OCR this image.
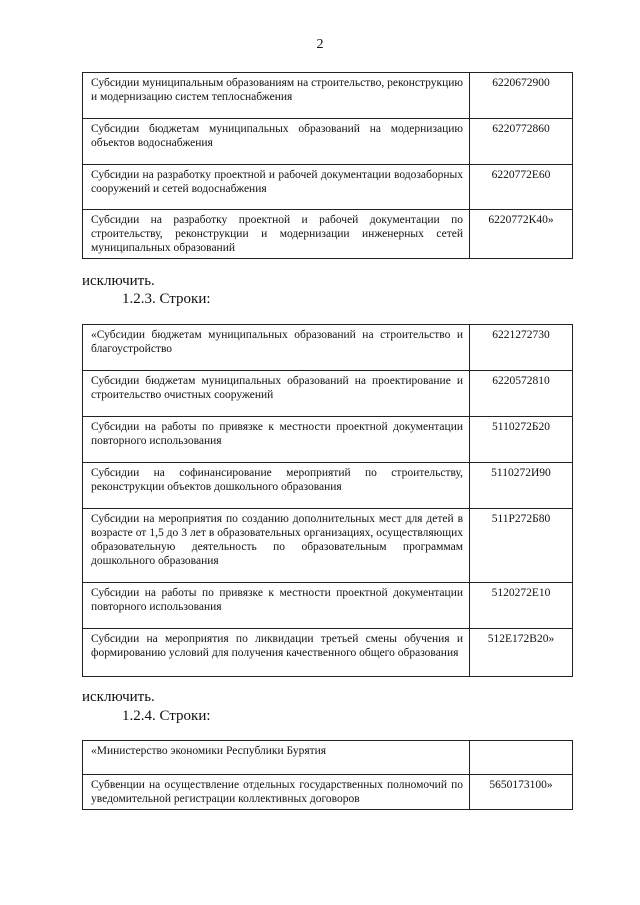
2
Субсидии муниципальным образованиям на строительство, реконструкцию и модернизацию систем теплоснабжения	6220672900
Субсидии бюджетам муниципальных образований на модернизацию объектов водоснабжения	6220772860
Субсидии на разработку проектной и рабочей документации водозаборных сооружений и сетей водоснабжения	6220772Е60
Субсидии на разработку проектной и рабочей документации по строительству, реконструкции и модернизации инженерных сетей муниципальных образований	6220772К40»
исключить.
1.2.3. Строки:
«Субсидии бюджетам муниципальных образований на строительство и благоустройство	6221272730
Субсидии бюджетам муниципальных образований на проектирование и строительство очистных сооружений	6220572810
Субсидии на работы по привязке к местности проектной документации повторного использования	5110272Б20
Субсидии на софинансирование мероприятий по строительству, реконструкции объектов дошкольного образования	5110272И90
Субсидии на мероприятия по созданию дополнительных мест для детей в возрасте от 1,5 до 3 лет в образовательных организациях, осуществляющих образовательную деятельность по образовательным программам дошкольного образования	511Р272Б80
Субсидии на работы по привязке к местности проектной документации повторного использования	5120272Е10
Субсидии на мероприятия по ликвидации третьей смены обучения и формированию условий для получения качественного общего образования	512Е172В20»
исключить.
1.2.4. Строки:
«Министерство экономики Республики Бурятия	
Субвенции на осуществление отдельных государственных полномочий по уведомительной регистрации коллективных договоров	5650173100»
